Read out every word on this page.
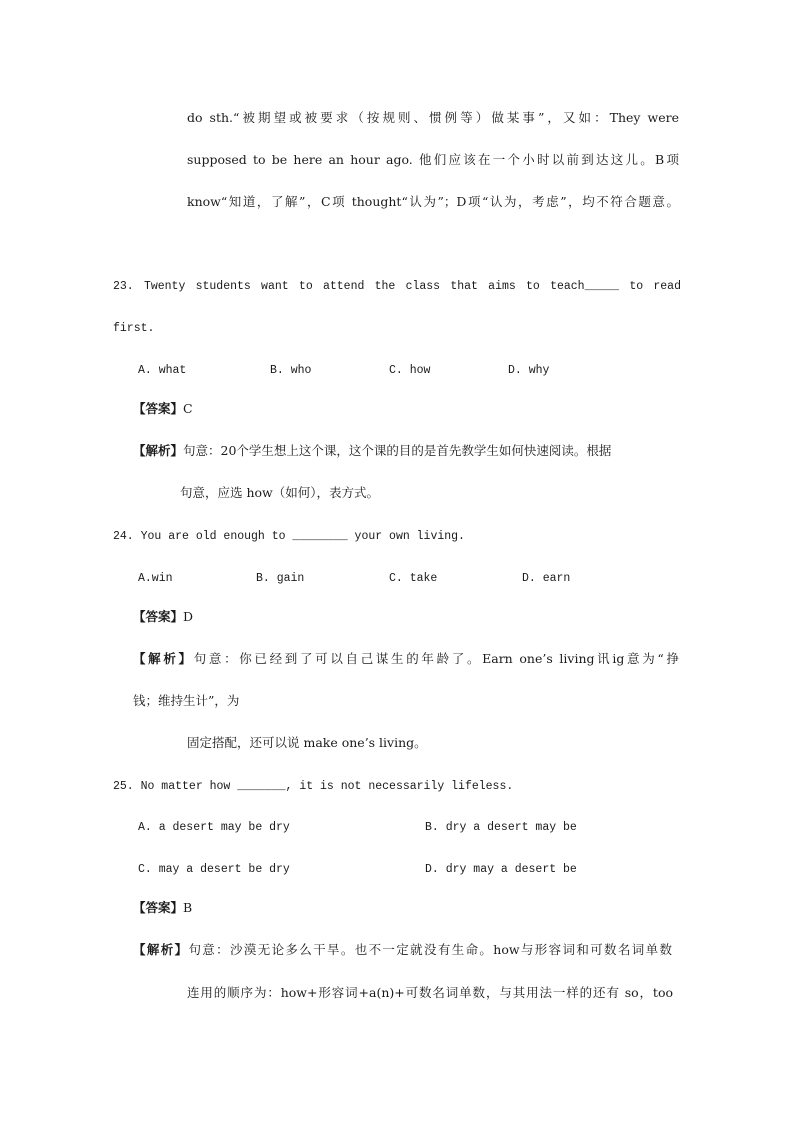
do sth.“被期望或被要求（按规则、惯例等）做某事”，又如：They were
supposed to be here an hour ago. 他们应该在一个小时以前到达这儿。B项
know“知道，了解”，C项 thought“认为”；D项“认为，考虑”，均不符合题意。
23. Twenty students want to attend the class that aims to teach_____ to read
first.
A. what	B. who	C. how	D. why
【答案】C
【解析】句意：20个学生想上这个课，这个课的目的是首先教学生如何快速阅读。根据
句意，应选 how（如何），表方式。
24. You are old enough to ________ your own living.
A.win	B. gain	C. take	D. earn
【答案】D
【解析】句意：你已经到了可以自己谋生的年龄了。Earn one’s living讯ig意为“挣
钱；维持生计”，为
固定搭配，还可以说 make one’s living。
25. No matter how _______, it is not necessarily lifeless.
A. a desert may be dry	B. dry a desert may be
C. may a desert be dry	D. dry may a desert be
【答案】B
【解析】句意：沙漠无论多么干旱。也不一定就没有生命。how与形容词和可数名词单数
连用的顺序为：how+形容词+a(n)+可数名词单数，与其用法一样的还有 so，too
